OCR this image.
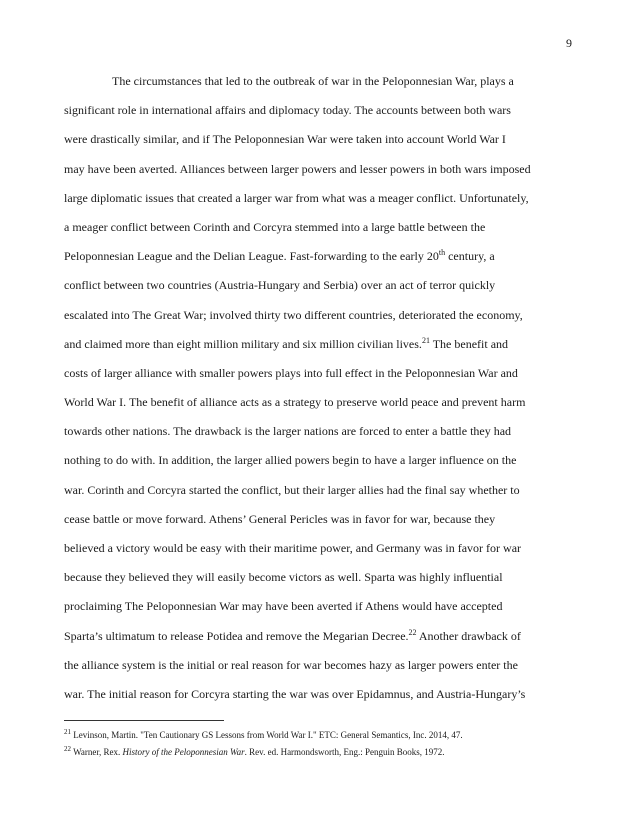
9
The circumstances that led to the outbreak of war in the Peloponnesian War, plays a
significant role in international affairs and diplomacy today. The accounts between both wars
were drastically similar, and if The Peloponnesian War were taken into account World War I
may have been averted. Alliances between larger powers and lesser powers in both wars imposed
large diplomatic issues that created a larger war from what was a meager conflict. Unfortunately,
a meager conflict between Corinth and Corcyra stemmed into a large battle between the
Peloponnesian League and the Delian League. Fast-forwarding to the early 20th century, a
conflict between two countries (Austria-Hungary and Serbia) over an act of terror quickly
escalated into The Great War; involved thirty two different countries, deteriorated the economy,
and claimed more than eight million military and six million civilian lives.$^{21}$ The benefit and
costs of larger alliance with smaller powers plays into full effect in the Peloponnesian War and
World War I. The benefit of alliance acts as a strategy to preserve world peace and prevent harm
towards other nations. The drawback is the larger nations are forced to enter a battle they had
nothing to do with. In addition, the larger allied powers begin to have a larger influence on the
war. Corinth and Corcyra started the conflict, but their larger allies had the final say whether to
cease battle or move forward. Athens’ General Pericles was in favor for war, because they
believed a victory would be easy with their maritime power, and Germany was in favor for war
because they believed they will easily become victors as well. Sparta was highly influential
proclaiming The Peloponnesian War may have been averted if Athens would have accepted
Sparta’s ultimatum to release Potidea and remove the Megarian Decree.$^{22}$ Another drawback of
the alliance system is the initial or real reason for war becomes hazy as larger powers enter the
war. The initial reason for Corcyra starting the war was over Epidamnus, and Austria-Hungary’s
$^{21}$ Levinson, Martin. "Ten Cautionary GS Lessons from World War I." ETC: General Semantics, Inc. 2014, 47.
$^{22}$ Warner, Rex. History of the Peloponnesian War. Rev. ed. Harmondsworth, Eng.: Penguin Books, 1972.
